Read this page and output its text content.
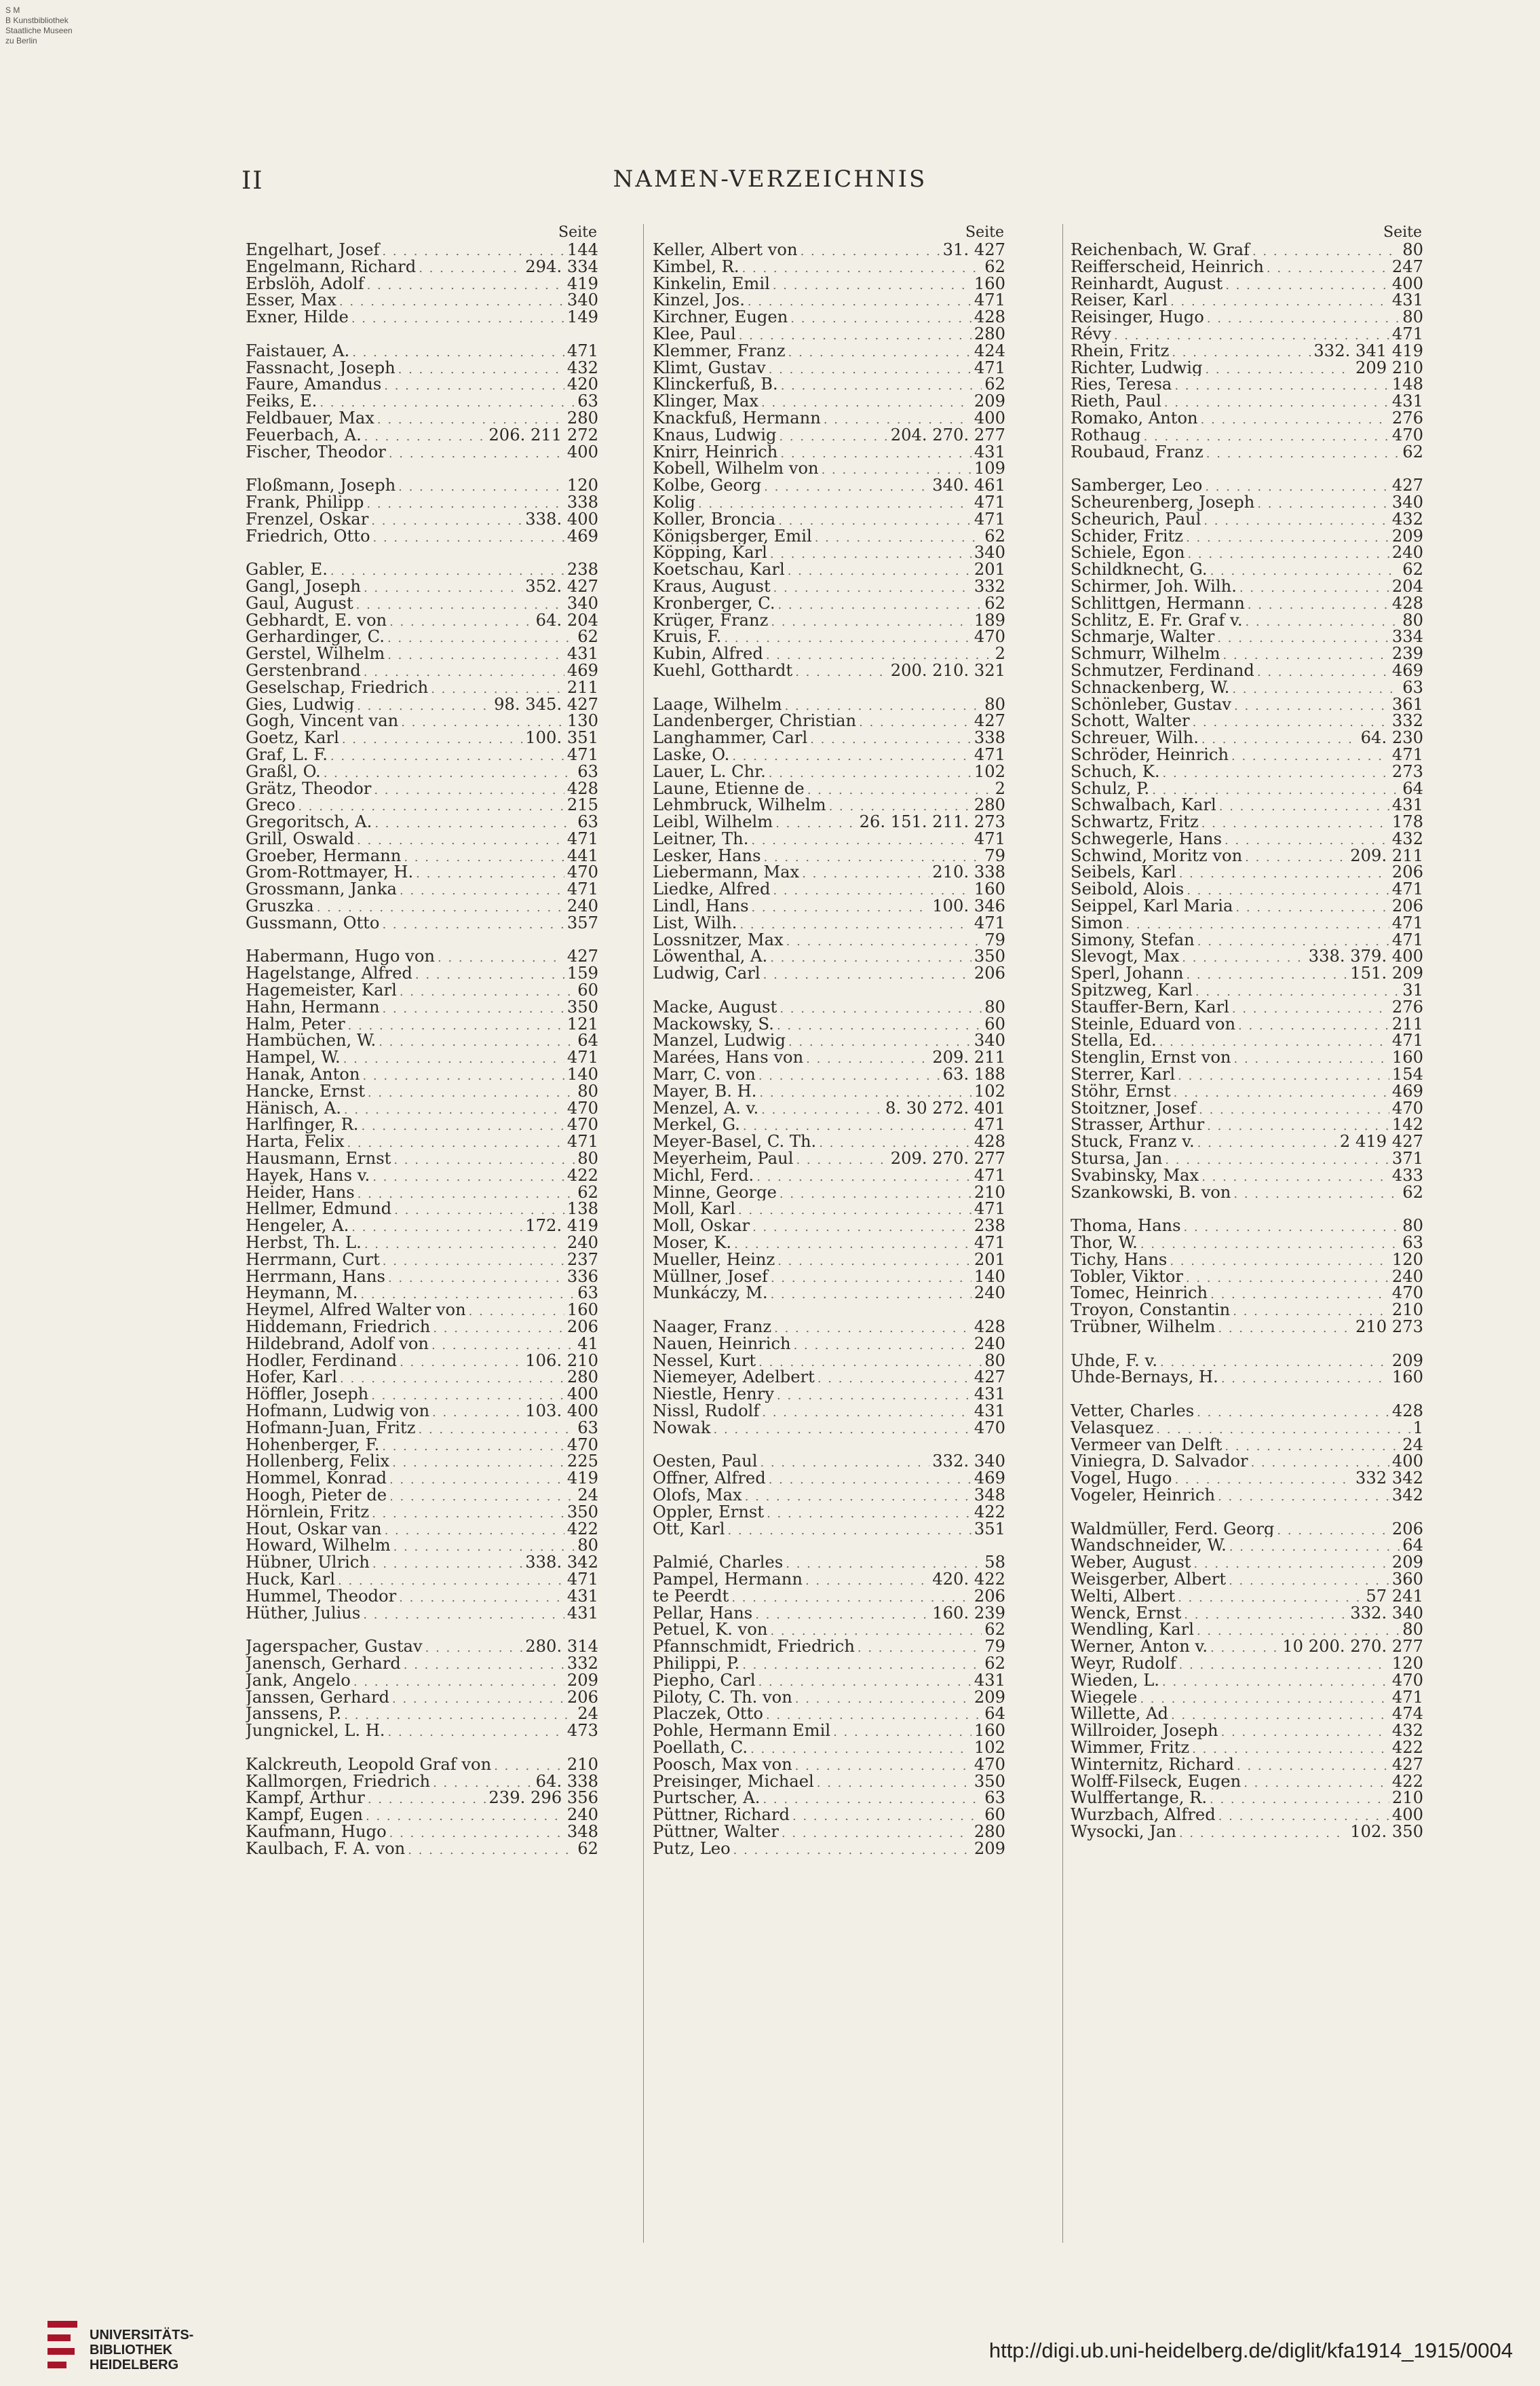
S M
B Kunstbibliothek
Staatliche Museen
zu Berlin
II	NAMEN-VERZEICHNIS
Seite
Engelhart, Josef . . .	144
Engelmann, Richard . . .	294. 334
Erbslöh, Adolf . . .	419
Esser, Max . . .	340
Exner, Hilde . . .	149
Faistauer, A. . . .	471
Fassnacht, Joseph . . .	432
Faure, Amandus . . .	420
Feiks, E. . . .	63
Feldbauer, Max . . .	280
Feuerbach, A. . . .	206. 211 272
Fischer, Theodor . . .	400
Floßmann, Joseph . . .	120
Frank, Philipp . . .	338
Frenzel, Oskar . . .	338. 400
Friedrich, Otto . . .	469
Gabler, E. . . .	238
Gangl, Joseph . . .	352. 427
Gaul, August . . .	340
Gebhardt, E. von . . .	64. 204
Gerhardinger, C. . . .	62
Gerstel, Wilhelm . . .	431
Gerstenbrand . . .	469
Geselschap, Friedrich . . .	211
Gies, Ludwig . . .	98. 345. 427
Gogh, Vincent van . . .	130
Goetz, Karl . . .	100. 351
Graf, L. F. . . .	471
Graßl, O. . . .	63
Grätz, Theodor . . .	428
Greco . . .	215
Gregoritsch, A. . . .	63
Grill, Oswald . . .	471
Groeber, Hermann . . .	441
Grom-Rottmayer, H. . . .	470
Grossmann, Janka . . .	471
Gruszka . . .	240
Gussmann, Otto . . .	357
Habermann, Hugo von . . .	427
Hagelstange, Alfred . . .	159
Hagemeister, Karl . . .	60
Hahn, Hermann . . .	350
Halm, Peter . . .	121
Hambüchen, W. . . .	64
Hampel, W. . . .	471
Hanak, Anton . . .	140
Hancke, Ernst . . .	80
Hänisch, A. . . .	470
Harlfinger, R. . . .	470
Harta, Felix . . .	471
Hausmann, Ernst . . .	80
Hayek, Hans v. . . .	422
Heider, Hans . . .	62
Hellmer, Edmund . . .	138
Hengeler, A. . . .	172. 419
Herbst, Th. L. . . .	240
Herrmann, Curt . . .	237
Herrmann, Hans . . .	336
Heymann, M. . . .	63
Heymel, Alfred Walter von . . .	160
Hiddemann, Friedrich . . .	206
Hildebrand, Adolf von . . .	41
Hodler, Ferdinand . . .	106. 210
Hofer, Karl . . .	280
Höffler, Joseph . . .	400
Hofmann, Ludwig von . . .	103. 400
Hofmann-Juan, Fritz . . .	63
Hohenberger, F. . . .	470
Hollenberg, Felix . . .	225
Hommel, Konrad . . .	419
Hoogh, Pieter de . . .	24
Hörnlein, Fritz . . .	350
Hout, Oskar van . . .	422
Howard, Wilhelm . . .	80
Hübner, Ulrich . . .	338. 342
Huck, Karl . . .	471
Hummel, Theodor . . .	431
Hüther, Julius . . .	431
Jagerspacher, Gustav . . .	280. 314
Janensch, Gerhard . . .	332
Jank, Angelo . . .	209
Janssen, Gerhard . . .	206
Janssens, P. . . .	24
Jungnickel, L. H. . . .	473
Kalckreuth, Leopold Graf von . . .	210
Kallmorgen, Friedrich . . .	64. 338
Kampf, Arthur . . .	239. 296 356
Kampf, Eugen . . .	240
Kaufmann, Hugo . . .	348
Kaulbach, F. A. von . . .	62
Seite
Keller, Albert von . . .	31. 427
Kimbel, R. . . .	62
Kinkelin, Emil . . .	160
Kinzel, Jos. . . .	471
Kirchner, Eugen . . .	428
Klee, Paul . . .	280
Klemmer, Franz . . .	424
Klimt, Gustav . . .	471
Klinckerfuß, B. . . .	62
Klinger, Max . . .	209
Knackfuß, Hermann . . .	400
Knaus, Ludwig . . .	204. 270. 277
Knirr, Heinrich . . .	431
Kobell, Wilhelm von . . .	109
Kolbe, Georg . . .	340. 461
Kolig . . .	471
Koller, Broncia . . .	471
Königsberger, Emil . . .	62
Köpping, Karl . . .	340
Koetschau, Karl . . .	201
Kraus, August . . .	332
Kronberger, C. . . .	62
Krüger, Franz . . .	189
Kruis, F. . . .	470
Kubin, Alfred . . .	2
Kuehl, Gotthardt . . .	200. 210. 321
Laage, Wilhelm . . .	80
Landenberger, Christian . . .	427
Langhammer, Carl . . .	338
Laske, O. . . .	471
Lauer, L. Chr. . . .	102
Laune, Etienne de . . .	2
Lehmbruck, Wilhelm . . .	280
Leibl, Wilhelm . . .	26. 151. 211. 273
Leitner, Th. . . .	471
Lesker, Hans . . .	79
Liebermann, Max . . .	210. 338
Liedke, Alfred . . .	160
Lindl, Hans . . .	100. 346
List, Wilh. . . .	471
Lossnitzer, Max . . .	79
Löwenthal, A. . . .	350
Ludwig, Carl . . .	206
Macke, August . . .	80
Mackowsky, S. . . .	60
Manzel, Ludwig . . .	340
Marées, Hans von . . .	209. 211
Marr, C. von . . .	63. 188
Mayer, B. H. . . .	102
Menzel, A. v. . . .	8. 30 272. 401
Merkel, G. . . .	471
Meyer-Basel, C. Th. . . .	428
Meyerheim, Paul . . .	209. 270. 277
Michl, Ferd. . . .	471
Minne, George . . .	210
Moll, Karl . . .	471
Moll, Oskar . . .	238
Moser, K. . . .	471
Mueller, Heinz . . .	201
Müllner, Josef . . .	140
Munkáczy, M. . . .	240
Naager, Franz . . .	428
Nauen, Heinrich . . .	240
Nessel, Kurt . . .	80
Niemeyer, Adelbert . . .	427
Niestle, Henry . . .	431
Nissl, Rudolf . . .	431
Nowak . . .	470
Oesten, Paul . . .	332. 340
Offner, Alfred . . .	469
Olofs, Max . . .	348
Oppler, Ernst . . .	422
Ott, Karl . . .	351
Palmié, Charles . . .	58
Pampel, Hermann . . .	420. 422
te Peerdt . . .	206
Pellar, Hans . . .	160. 239
Petuel, K. von . . .	62
Pfannschmidt, Friedrich . . .	79
Philippi, P. . . .	62
Piepho, Carl . . .	431
Piloty, C. Th. von . . .	209
Placzek, Otto . . .	64
Pohle, Hermann Emil . . .	160
Poellath, C. . . .	102
Poosch, Max von . . .	470
Preisinger, Michael . . .	350
Purtscher, A. . . .	63
Püttner, Richard . . .	60
Püttner, Walter . . .	280
Putz, Leo . . .	209
Seite
Reichenbach, W. Graf . . .	80
Reifferscheid, Heinrich . . .	247
Reinhardt, August . . .	400
Reiser, Karl . . .	431
Reisinger, Hugo . . .	80
Révy . . .	471
Rhein, Fritz . . .	332. 341 419
Richter, Ludwig . . .	209 210
Ries, Teresa . . .	148
Rieth, Paul . . .	431
Romako, Anton . . .	276
Rothaug . . .	470
Roubaud, Franz . . .	62
Samberger, Leo . . .	427
Scheurenberg, Joseph . . .	340
Scheurich, Paul . . .	432
Schider, Fritz . . .	209
Schiele, Egon . . .	240
Schildknecht, G. . . .	62
Schirmer, Joh. Wilh. . . .	204
Schlittgen, Hermann . . .	428
Schlitz, E. Fr. Graf v. . . .	80
Schmarje, Walter . . .	334
Schmurr, Wilhelm . . .	239
Schmutzer, Ferdinand . . .	469
Schnackenberg, W. . . .	63
Schönleber, Gustav . . .	361
Schott, Walter . . .	332
Schreuer, Wilh. . . .	64. 230
Schröder, Heinrich . . .	471
Schuch, K. . . .	273
Schulz, P. . . .	64
Schwalbach, Karl . . .	431
Schwartz, Fritz . . .	178
Schwegerle, Hans . . .	432
Schwind, Moritz von . . .	209. 211
Seibels, Karl . . .	206
Seibold, Alois . . .	471
Seippel, Karl Maria . . .	206
Simon . . .	471
Simony, Stefan . . .	471
Slevogt, Max . . .	338. 379. 400
Sperl, Johann . . .	151. 209
Spitzweg, Karl . . .	31
Stauffer-Bern, Karl . . .	276
Steinle, Eduard von . . .	211
Stella, Ed. . . .	471
Stenglin, Ernst von . . .	160
Sterrer, Karl . . .	154
Stöhr, Ernst . . .	469
Stoitzner, Josef . . .	470
Strasser, Arthur . . .	142
Stuck, Franz v. . . .	2 419 427
Stursa, Jan . . .	371
Svabinsky, Max . . .	433
Szankowski, B. von . . .	62
Thoma, Hans . . .	80
Thor, W. . . .	63
Tichy, Hans . . .	120
Tobler, Viktor . . .	240
Tomec, Heinrich . . .	470
Troyon, Constantin . . .	210
Trübner, Wilhelm . . .	210 273
Uhde, F. v. . . .	209
Uhde-Bernays, H. . . .	160
Vetter, Charles . . .	428
Velasquez . . .	1
Vermeer van Delft . . .	24
Viniegra, D. Salvador . . .	400
Vogel, Hugo . . .	332 342
Vogeler, Heinrich . . .	342
Waldmüller, Ferd. Georg . . .	206
Wandschneider, W. . . .	64
Weber, August . . .	209
Weisgerber, Albert . . .	360
Welti, Albert . . .	57 241
Wenck, Ernst . . .	332. 340
Wendling, Karl . . .	80
Werner, Anton v. . . .	10 200. 270. 277
Weyr, Rudolf . . .	120
Wieden, L. . . .	470
Wiegele . . .	471
Willette, Ad . . .	474
Willroider, Joseph . . .	432
Wimmer, Fritz . . .	422
Winternitz, Richard . . .	427
Wolff-Filseck, Eugen . . .	422
Wulffertange, R. . . .	210
Wurzbach, Alfred . . .	400
Wysocki, Jan . . .	102. 350
UNIVERSITÄTS-
BIBLIOTHEK
HEIDELBERG
http://digi.ub.uni-heidelberg.de/diglit/kfa1914_1915/0004
